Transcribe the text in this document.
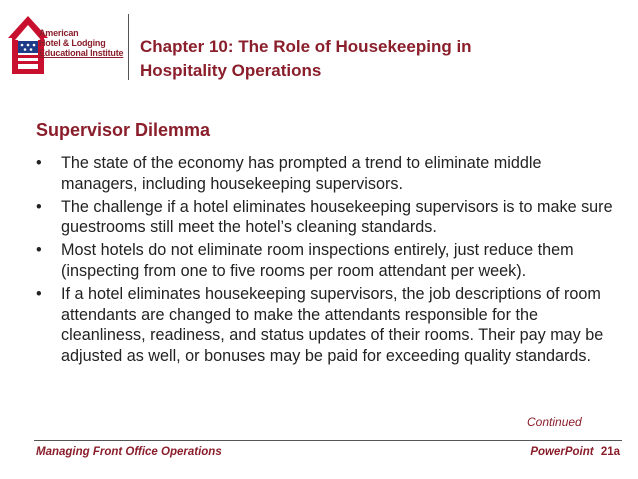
American
Hotel & Lodging
Educational Institute Chapter 10: The Role of Housekeeping in
Hospitality Operations
Supervisor Dilemma
• The state of the economy has prompted a trend to eliminate middle managers, including housekeeping supervisors.
• The challenge if a hotel eliminates housekeeping supervisors is to make sure guestrooms still meet the hotel’s cleaning standards.
• Most hotels do not eliminate room inspections entirely, just reduce them (inspecting from one to five rooms per room attendant per week).
• If a hotel eliminates housekeeping supervisors, the job descriptions of room attendants are changed to make the attendants responsible for the cleanliness, readiness, and status updates of their rooms. Their pay may be adjusted as well, or bonuses may be paid for exceeding quality standards.
Continued
Managing Front Office Operations	PowerPoint 21a
